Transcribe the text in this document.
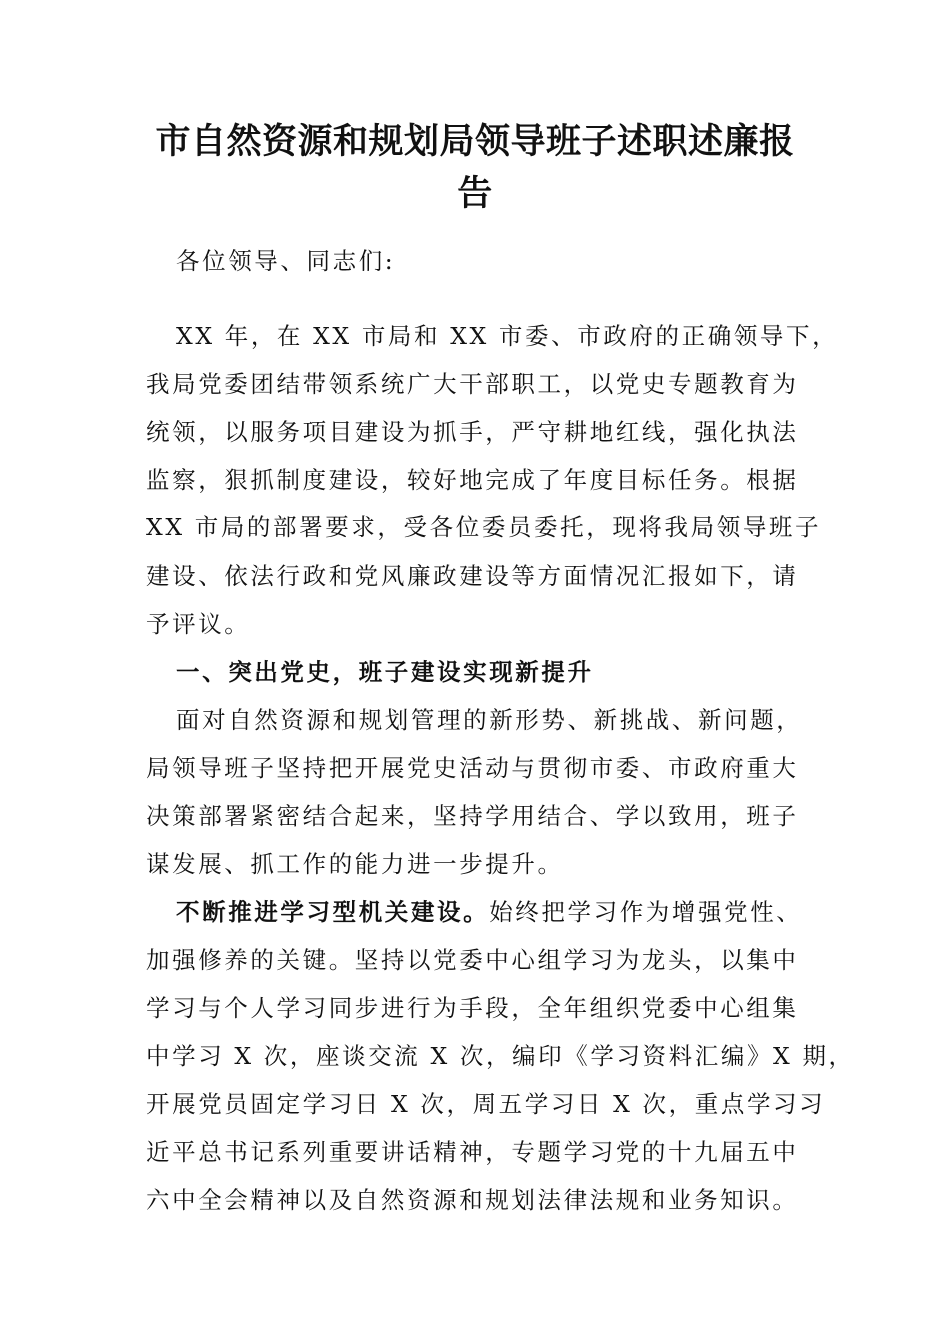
市自然资源和规划局领导班子述职述廉报告
各位领导、同志们:
XX 年，在 XX 市局和 XX 市委、市政府的正确领导下，
我局党委团结带领系统广大干部职工，以党史专题教育为
统领，以服务项目建设为抓手，严守耕地红线，强化执法
监察，狠抓制度建设，较好地完成了年度目标任务。根据
XX 市局的部署要求，受各位委员委托，现将我局领导班子
建设、依法行政和党风廉政建设等方面情况汇报如下，请
予评议。
一、突出党史，班子建设实现新提升
面对自然资源和规划管理的新形势、新挑战、新问题，
局领导班子坚持把开展党史活动与贯彻市委、市政府重大
决策部署紧密结合起来，坚持学用结合、学以致用，班子
谋发展、抓工作的能力进一步提升。
不断推进学习型机关建设。始终把学习作为增强党性、
加强修养的关键。坚持以党委中心组学习为龙头，以集中
学习与个人学习同步进行为手段，全年组织党委中心组集
中学习 X 次，座谈交流 X 次，编印《学习资料汇编》X 期，
开展党员固定学习日 X 次，周五学习日 X 次，重点学习习
近平总书记系列重要讲话精神，专题学习党的十九届五中
六中全会精神以及自然资源和规划法律法规和业务知识。
